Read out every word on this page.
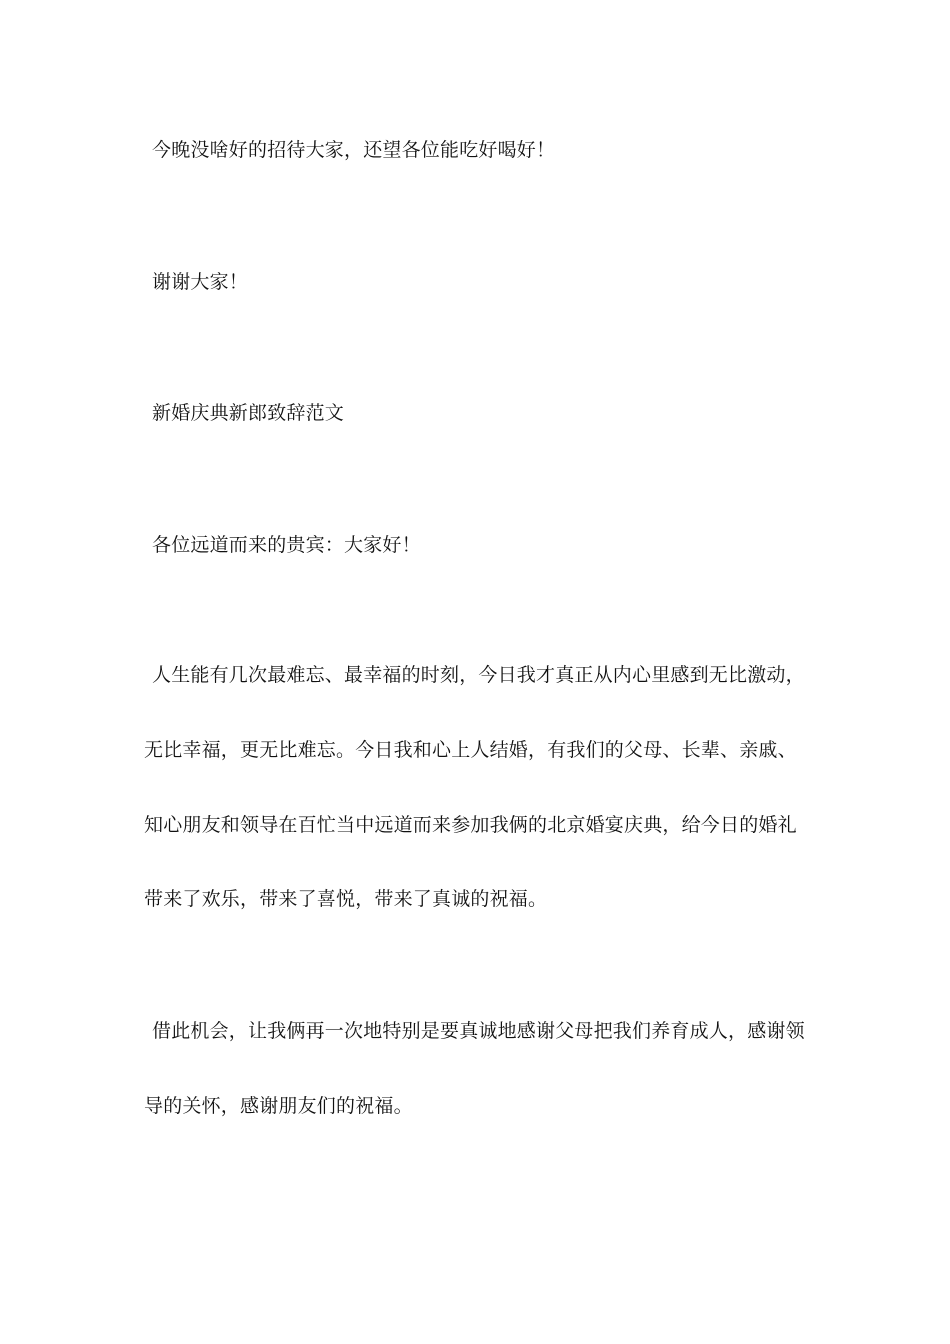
今晚没啥好的招待大家，还望各位能吃好喝好！
谢谢大家！
新婚庆典新郎致辞范文
各位远道而来的贵宾：大家好！
人生能有几次最难忘、最幸福的时刻，今日我才真正从内心里感到无比激动，
无比幸福，更无比难忘。今日我和心上人结婚，有我们的父母、长辈、亲戚、
知心朋友和领导在百忙当中远道而来参加我俩的北京婚宴庆典，给今日的婚礼
带来了欢乐，带来了喜悦，带来了真诚的祝福。
借此机会，让我俩再一次地特别是要真诚地感谢父母把我们养育成人，感谢领
导的关怀，感谢朋友们的祝福。
